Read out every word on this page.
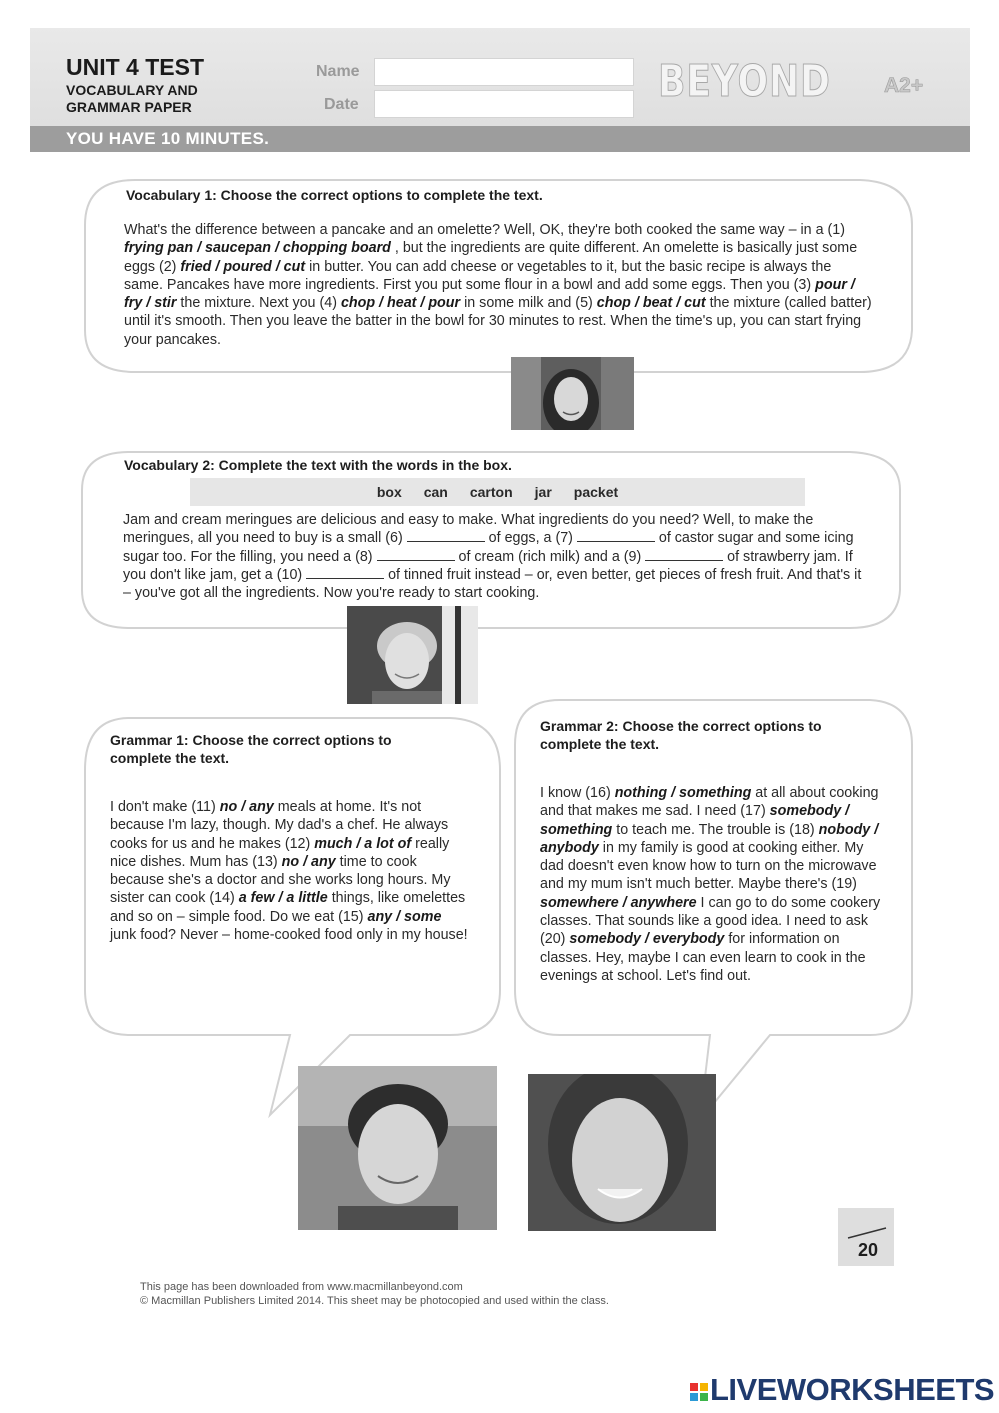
UNIT 4 TEST
VOCABULARY AND
GRAMMAR PAPER
Name
Date	BEYOND	A2+
YOU HAVE 10 MINUTES.
Vocabulary 1: Choose the correct options to complete the text.
What's the difference between a pancake and an omelette? Well, OK, they're both cooked the same way – in a (1) frying pan / saucepan / chopping board , but the ingredients are quite different. An omelette is basically just some eggs (2) fried / poured / cut in butter. You can add cheese or vegetables to it, but the basic recipe is always the same. Pancakes have more ingredients. First you put some flour in a bowl and add some eggs. Then you (3) pour / fry / stir the mixture. Next you (4) chop / heat / pour in some milk and (5) chop / beat / cut the mixture (called batter) until it's smooth. Then you leave the batter in the bowl for 30 minutes to rest. When the time's up, you can start frying your pancakes.
Vocabulary 2: Complete the text with the words in the box.
box can carton jar packet
Jam and cream meringues are delicious and easy to make. What ingredients do you need? Well, to make the meringues, all you need to buy is a small (6)	of eggs, a (7)	of castor sugar and some icing sugar too. For the filling, you need a (8)	of cream (rich milk) and a (9)	of strawberry jam. If you don't like jam, get a (10)	of tinned fruit instead – or, even better, get pieces of fresh fruit. And that's it – you've got all the ingredients. Now you're ready to start cooking.
Grammar 1: Choose the correct options to complete the text.
I don't make (11) no / any meals at home. It's not because I'm lazy, though. My dad's a chef. He always cooks for us and he makes (12) much / a lot of really nice dishes. Mum has (13) no / any time to cook because she's a doctor and she works long hours. My sister can cook (14) a few / a little things, like omelettes and so on – simple food. Do we eat (15) any / some junk food? Never – home-cooked food only in my house!
Grammar 2: Choose the correct options to complete the text.
I know (16) nothing / something at all about cooking and that makes me sad. I need (17) somebody / something to teach me. The trouble is (18) nobody / anybody in my family is good at cooking either. My dad doesn't even know how to turn on the microwave and my mum isn't much better. Maybe there's (19) somewhere / anywhere I can go to do some cookery classes. That sounds like a good idea. I need to ask (20) somebody / everybody for information on classes. Hey, maybe I can even learn to cook in the evenings at school. Let's find out.
20
This page has been downloaded from www.macmillanbeyond.com
© Macmillan Publishers Limited 2014. This sheet may be photocopied and used within the class.
LIVEWORKSHEETS
